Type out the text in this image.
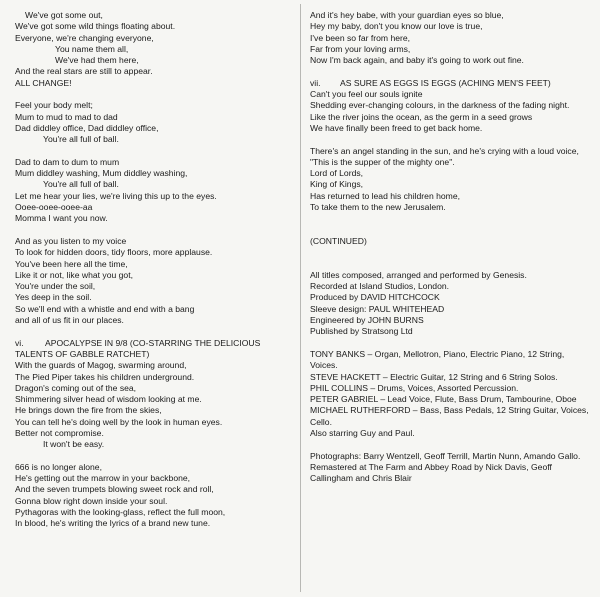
We've got some out,
We've got some wild things floating about.
Everyone, we're changing everyone,
You name them all,
We've had them here,
And the real stars are still to appear.
ALL CHANGE!
Feel your body melt;
Mum to mud to mad to dad
Dad diddley office, Dad diddley office,
You're all full of ball.
Dad to dam to dum to mum
Mum diddley washing, Mum diddley washing,
You're all full of ball.
Let me hear your lies, we're living this up to the eyes.
Ooee-ooee-ooee-aa
Momma I want you now.
And as you listen to my voice
To look for hidden doors, tidy floors, more applause.
You've been here all the time,
Like it or not, like what you got,
You're under the soil,
Yes deep in the soil.
So we'll end with a whistle and end with a bang
and all of us fit in our places.
vi. APOCALYPSE IN 9/8 (CO-STARRING THE DELICIOUS TALENTS OF GABBLE RATCHET)
With the guards of Magog, swarming around,
The Pied Piper takes his children underground.
Dragon's coming out of the sea,
Shimmering silver head of wisdom looking at me.
He brings down the fire from the skies,
You can tell he's doing well by the look in human eyes.
Better not compromise.
It won't be easy.
666 is no longer alone,
He's getting out the marrow in your backbone,
And the seven trumpets blowing sweet rock and roll,
Gonna blow right down inside your soul.
Pythagoras with the looking-glass, reflect the full moon,
In blood, he's writing the lyrics of a brand new tune.
And it's hey babe, with your guardian eyes so blue,
Hey my baby, don't you know our love is true,
I've been so far from here,
Far from your loving arms,
Now I'm back again, and baby it's going to work out fine.
vii. AS SURE AS EGGS IS EGGS (ACHING MEN'S FEET)
Can't you feel our souls ignite
Shedding ever-changing colours, in the darkness of the fading night.
Like the river joins the ocean, as the germ in a seed grows
We have finally been freed to get back home.
There's an angel standing in the sun, and he's crying with a loud voice,
"This is the supper of the mighty one".
Lord of Lords,
King of Kings,
Has returned to lead his children home,
To take them to the new Jerusalem.
(CONTINUED)
All titles composed, arranged and performed by Genesis.
Recorded at Island Studios, London.
Produced by DAVID HITCHCOCK
Sleeve design: PAUL WHITEHEAD
Engineered by JOHN BURNS
Published by Stratsong Ltd
TONY BANKS – Organ, Mellotron, Piano, Electric Piano, 12 String, Voices.
STEVE HACKETT – Electric Guitar, 12 String and 6 String Solos.
PHIL COLLINS – Drums, Voices, Assorted Percussion.
PETER GABRIEL – Lead Voice, Flute, Bass Drum, Tambourine, Oboe
MICHAEL RUTHERFORD – Bass, Bass Pedals, 12 String Guitar, Voices, Cello.
Also starring Guy and Paul.
Photographs: Barry Wentzell, Geoff Terrill, Martin Nunn, Amando Gallo.
Remastered at The Farm and Abbey Road by Nick Davis, Geoff Callingham and Chris Blair
